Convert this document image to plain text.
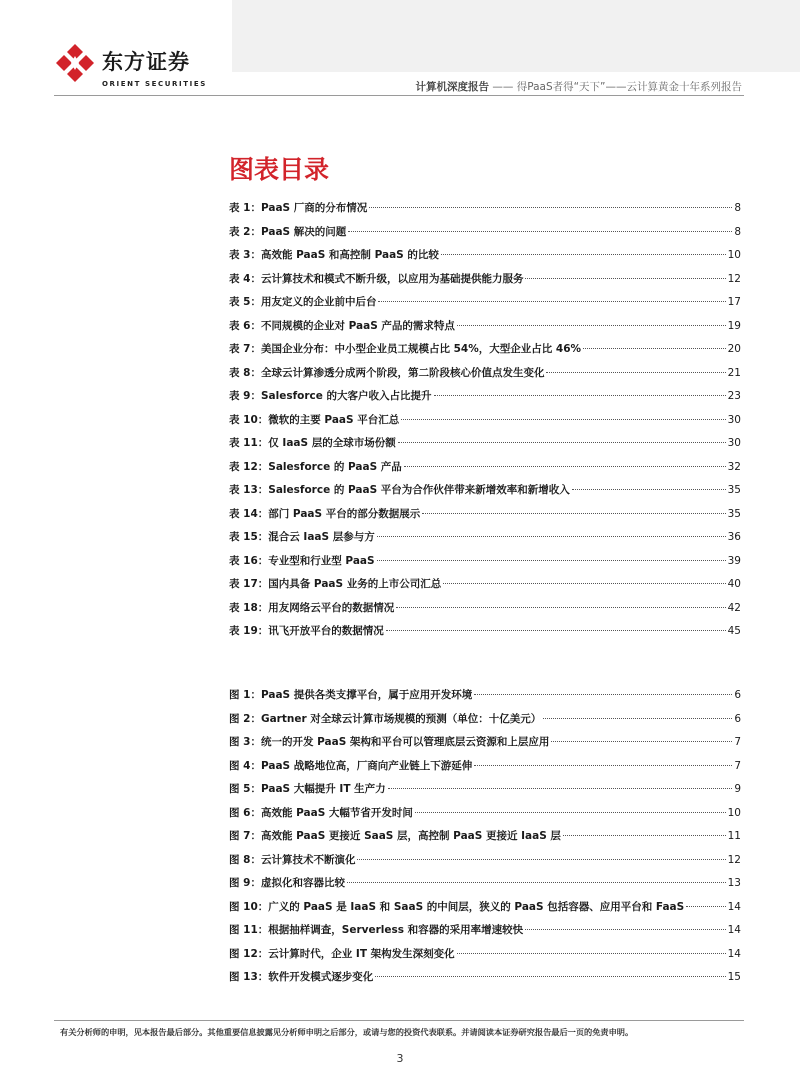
东方证券
ORIENT SECURITIES	计算机深度报告 —— 得PaaS者得“天下”——云计算黄金十年系列报告
图表目录
表 1：PaaS 厂商的分布情况	8
表 2：PaaS 解决的问题	8
表 3：高效能 PaaS 和高控制 PaaS 的比较	10
表 4：云计算技术和模式不断升级，以应用为基础提供能力服务	12
表 5：用友定义的企业前中后台	17
表 6：不同规模的企业对 PaaS 产品的需求特点	19
表 7：美国企业分布：中小型企业员工规模占比 54%，大型企业占比 46%	20
表 8：全球云计算渗透分成两个阶段，第二阶段核心价值点发生变化	21
表 9：Salesforce 的大客户收入占比提升	23
表 10：微软的主要 PaaS 平台汇总	30
表 11：仅 IaaS 层的全球市场份额	30
表 12：Salesforce 的 PaaS 产品	32
表 13：Salesforce 的 PaaS 平台为合作伙伴带来新增效率和新增收入	35
表 14：部门 PaaS 平台的部分数据展示	35
表 15：混合云 IaaS 层参与方	36
表 16：专业型和行业型 PaaS	39
表 17：国内具备 PaaS 业务的上市公司汇总	40
表 18：用友网络云平台的数据情况	42
表 19：讯飞开放平台的数据情况	45
图 1：PaaS 提供各类支撑平台，属于应用开发环境	6
图 2：Gartner 对全球云计算市场规模的预测（单位：十亿美元）	6
图 3：统一的开发 PaaS 架构和平台可以管理底层云资源和上层应用	7
图 4：PaaS 战略地位高，厂商向产业链上下游延伸	7
图 5：PaaS 大幅提升 IT 生产力	9
图 6：高效能 PaaS 大幅节省开发时间	10
图 7：高效能 PaaS 更接近 SaaS 层，高控制 PaaS 更接近 IaaS 层	11
图 8：云计算技术不断演化	12
图 9：虚拟化和容器比较	13
图 10：广义的 PaaS 是 IaaS 和 SaaS 的中间层，狭义的 PaaS 包括容器、应用平台和 FaaS	14
图 11：根据抽样调查，Serverless 和容器的采用率增速较快	14
图 12：云计算时代，企业 IT 架构发生深刻变化	14
图 13：软件开发模式逐步变化	15
有关分析师的申明，见本报告最后部分。其他重要信息披露见分析师申明之后部分，或请与您的投资代表联系。并请阅读本证券研究报告最后一页的免责申明。
3
